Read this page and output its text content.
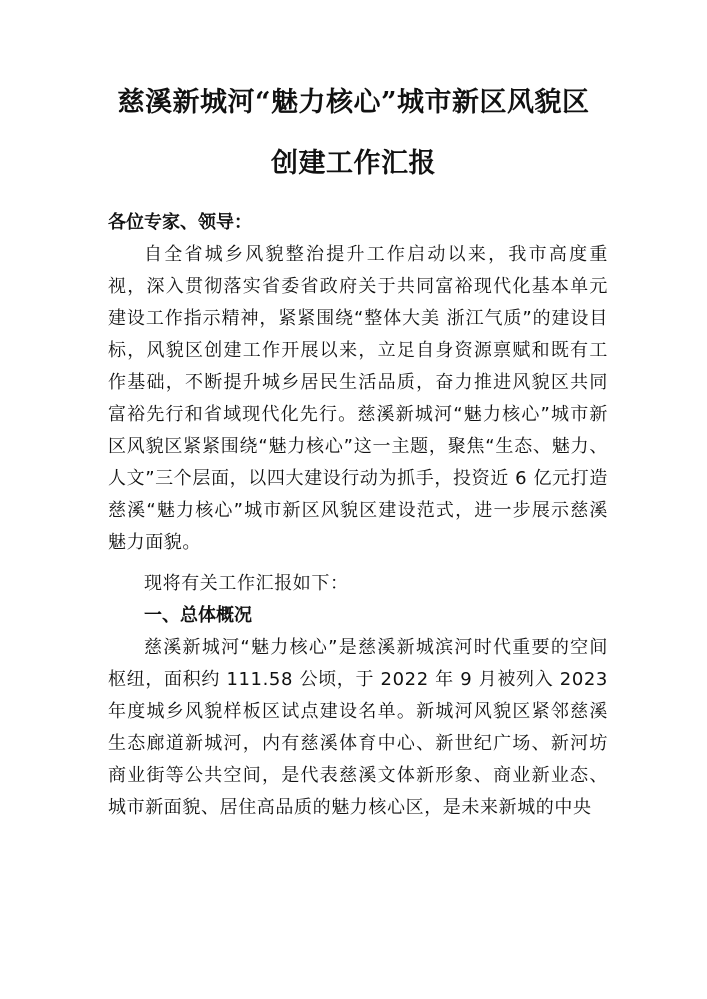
慈溪新城河“魅力核心”城市新区风貌区
创建工作汇报

各位专家、领导：

自全省城乡风貌整治提升工作启动以来，我市高度重视，深入贯彻落实省委省政府关于共同富裕现代化基本单元建设工作指示精神，紧紧围绕“整体大美 浙江气质”的建设目标，风貌区创建工作开展以来，立足自身资源禀赋和既有工作基础，不断提升城乡居民生活品质，奋力推进风貌区共同富裕先行和省域现代化先行。慈溪新城河“魅力核心”城市新区风貌区紧紧围绕“魅力核心”这一主题，聚焦“生态、魅力、人文”三个层面，以四大建设行动为抓手，投资近 6 亿元打造慈溪“魅力核心”城市新区风貌区建设范式，进一步展示慈溪魅力面貌。

现将有关工作汇报如下：

一、总体概况

慈溪新城河“魅力核心”是慈溪新城滨河时代重要的空间枢纽，面积约 111.58 公顷，于 2022 年 9 月被列入 2023 年度城乡风貌样板区试点建设名单。新城河风貌区紧邻慈溪生态廊道新城河，内有慈溪体育中心、新世纪广场、新河坊商业街等公共空间，是代表慈溪文体新形象、商业新业态、城市新面貌、居住高品质的魅力核心区，是未来新城的中央
